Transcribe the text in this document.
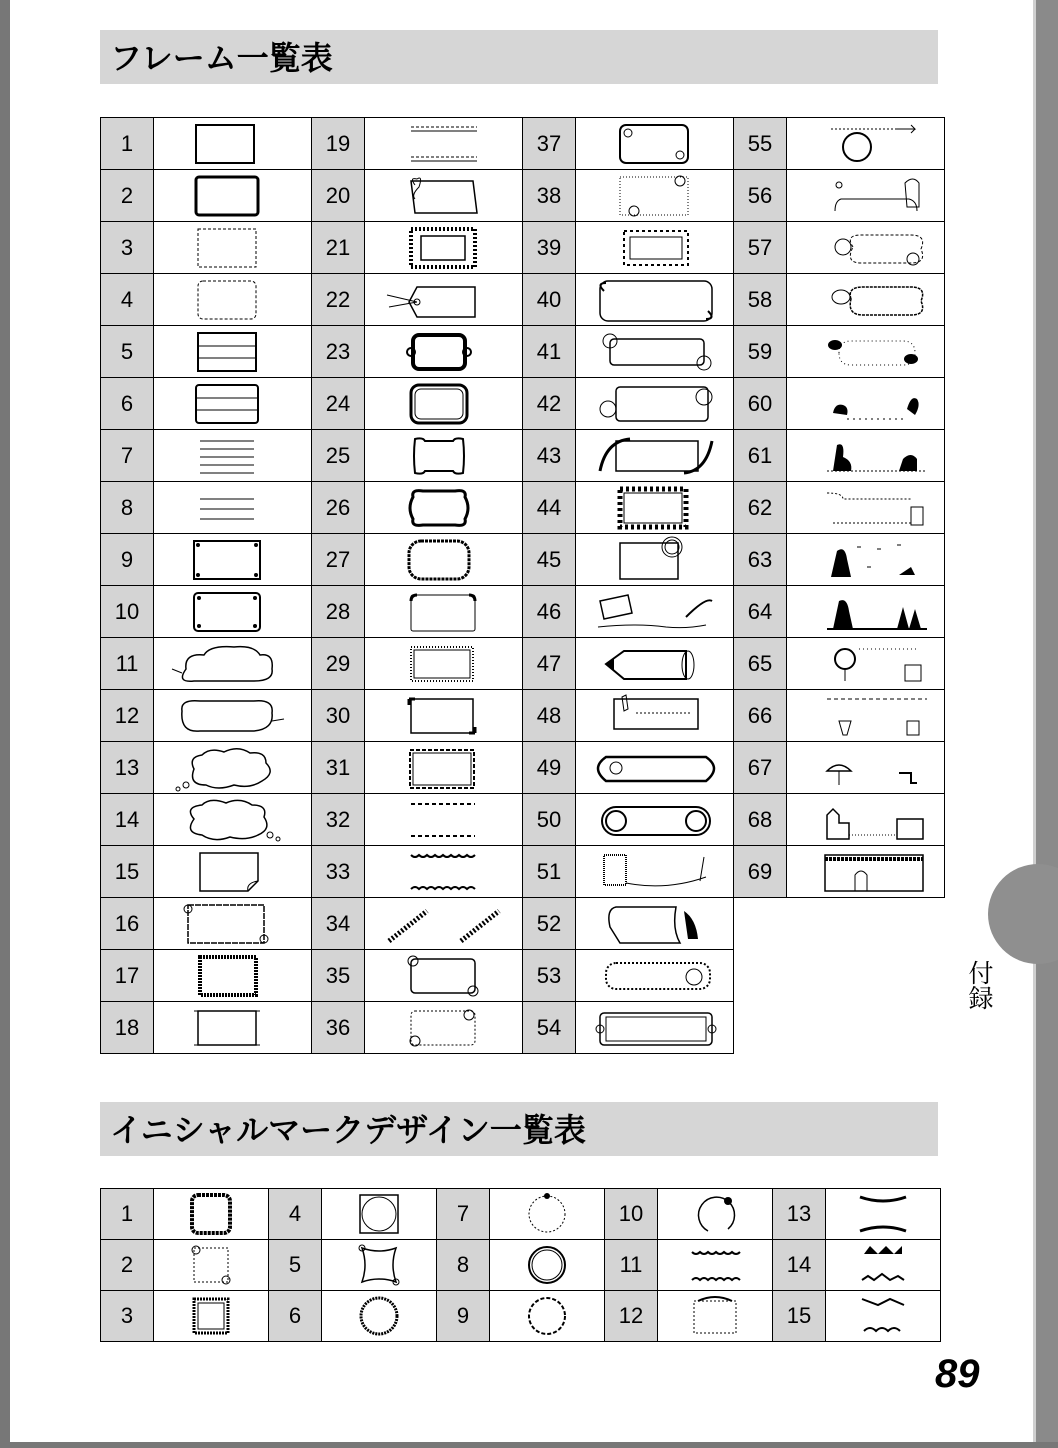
フレーム一覧表
1		19		37		55	

2		20		38		56	

3		21		39		57	

4		22		40		58	

5		23		41		59	

6		24		42		60	

7		25		43		61	

8		26		44		62	

9		27		45		63	

10		28		46		64	

11		29		47		65	

12		30		48		66	

13		31		49		67	

14		32		50		68	

15		33		51		69	

16		34		52	

17		35		53	

18		36		54	

イニシャルマークデザイン一覧表
1		4		7		10		13	

2		5		8		11		14	

3		6		9		12		15	
付録
89
